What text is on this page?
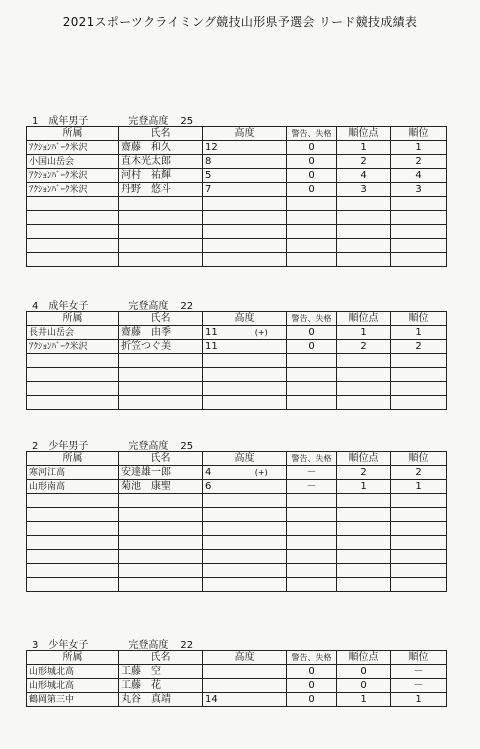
2021スポーツクライミング競技山形県予選会 リード競技成績表
1 成年男子	完登高度 25
所属	氏名	高度		警告、失格	順位点	順位
ｱｸｼｮﾝﾊﾞｰｸ米沢	齋藤　和久	12		0	1	1
小国山岳会	直木光太郎	8		0	2	2
ｱｸｼｮﾝﾊﾞｰｸ米沢	河村　祐輝	5		0	4	4
ｱｸｼｮﾝﾊﾞｰｸ米沢	丹野　悠斗	7		0	3	3

4 成年女子	完登高度 22
所属	氏名	高度		警告、失格	順位点	順位
長井山岳会	齋藤　由季	11	(+)	0	1	1
ｱｸｼｮﾝﾊﾞｰｸ米沢	折笠つぐ美	11		0	2	2

2 少年男子	完登高度 25
所属	氏名	高度		警告、失格	順位点	順位
寒河江高	安達雄一郎	4	(+)	－	2	2
山形南高	菊池　康聖	6		－	1	1

3 少年女子	完登高度 22
所属	氏名	高度		警告、失格	順位点	順位
山形城北高	工藤　空			0	0	－
山形城北高	工藤　花			0	0	－
鶴岡第三中	丸谷　真靖	14		0	1	1
